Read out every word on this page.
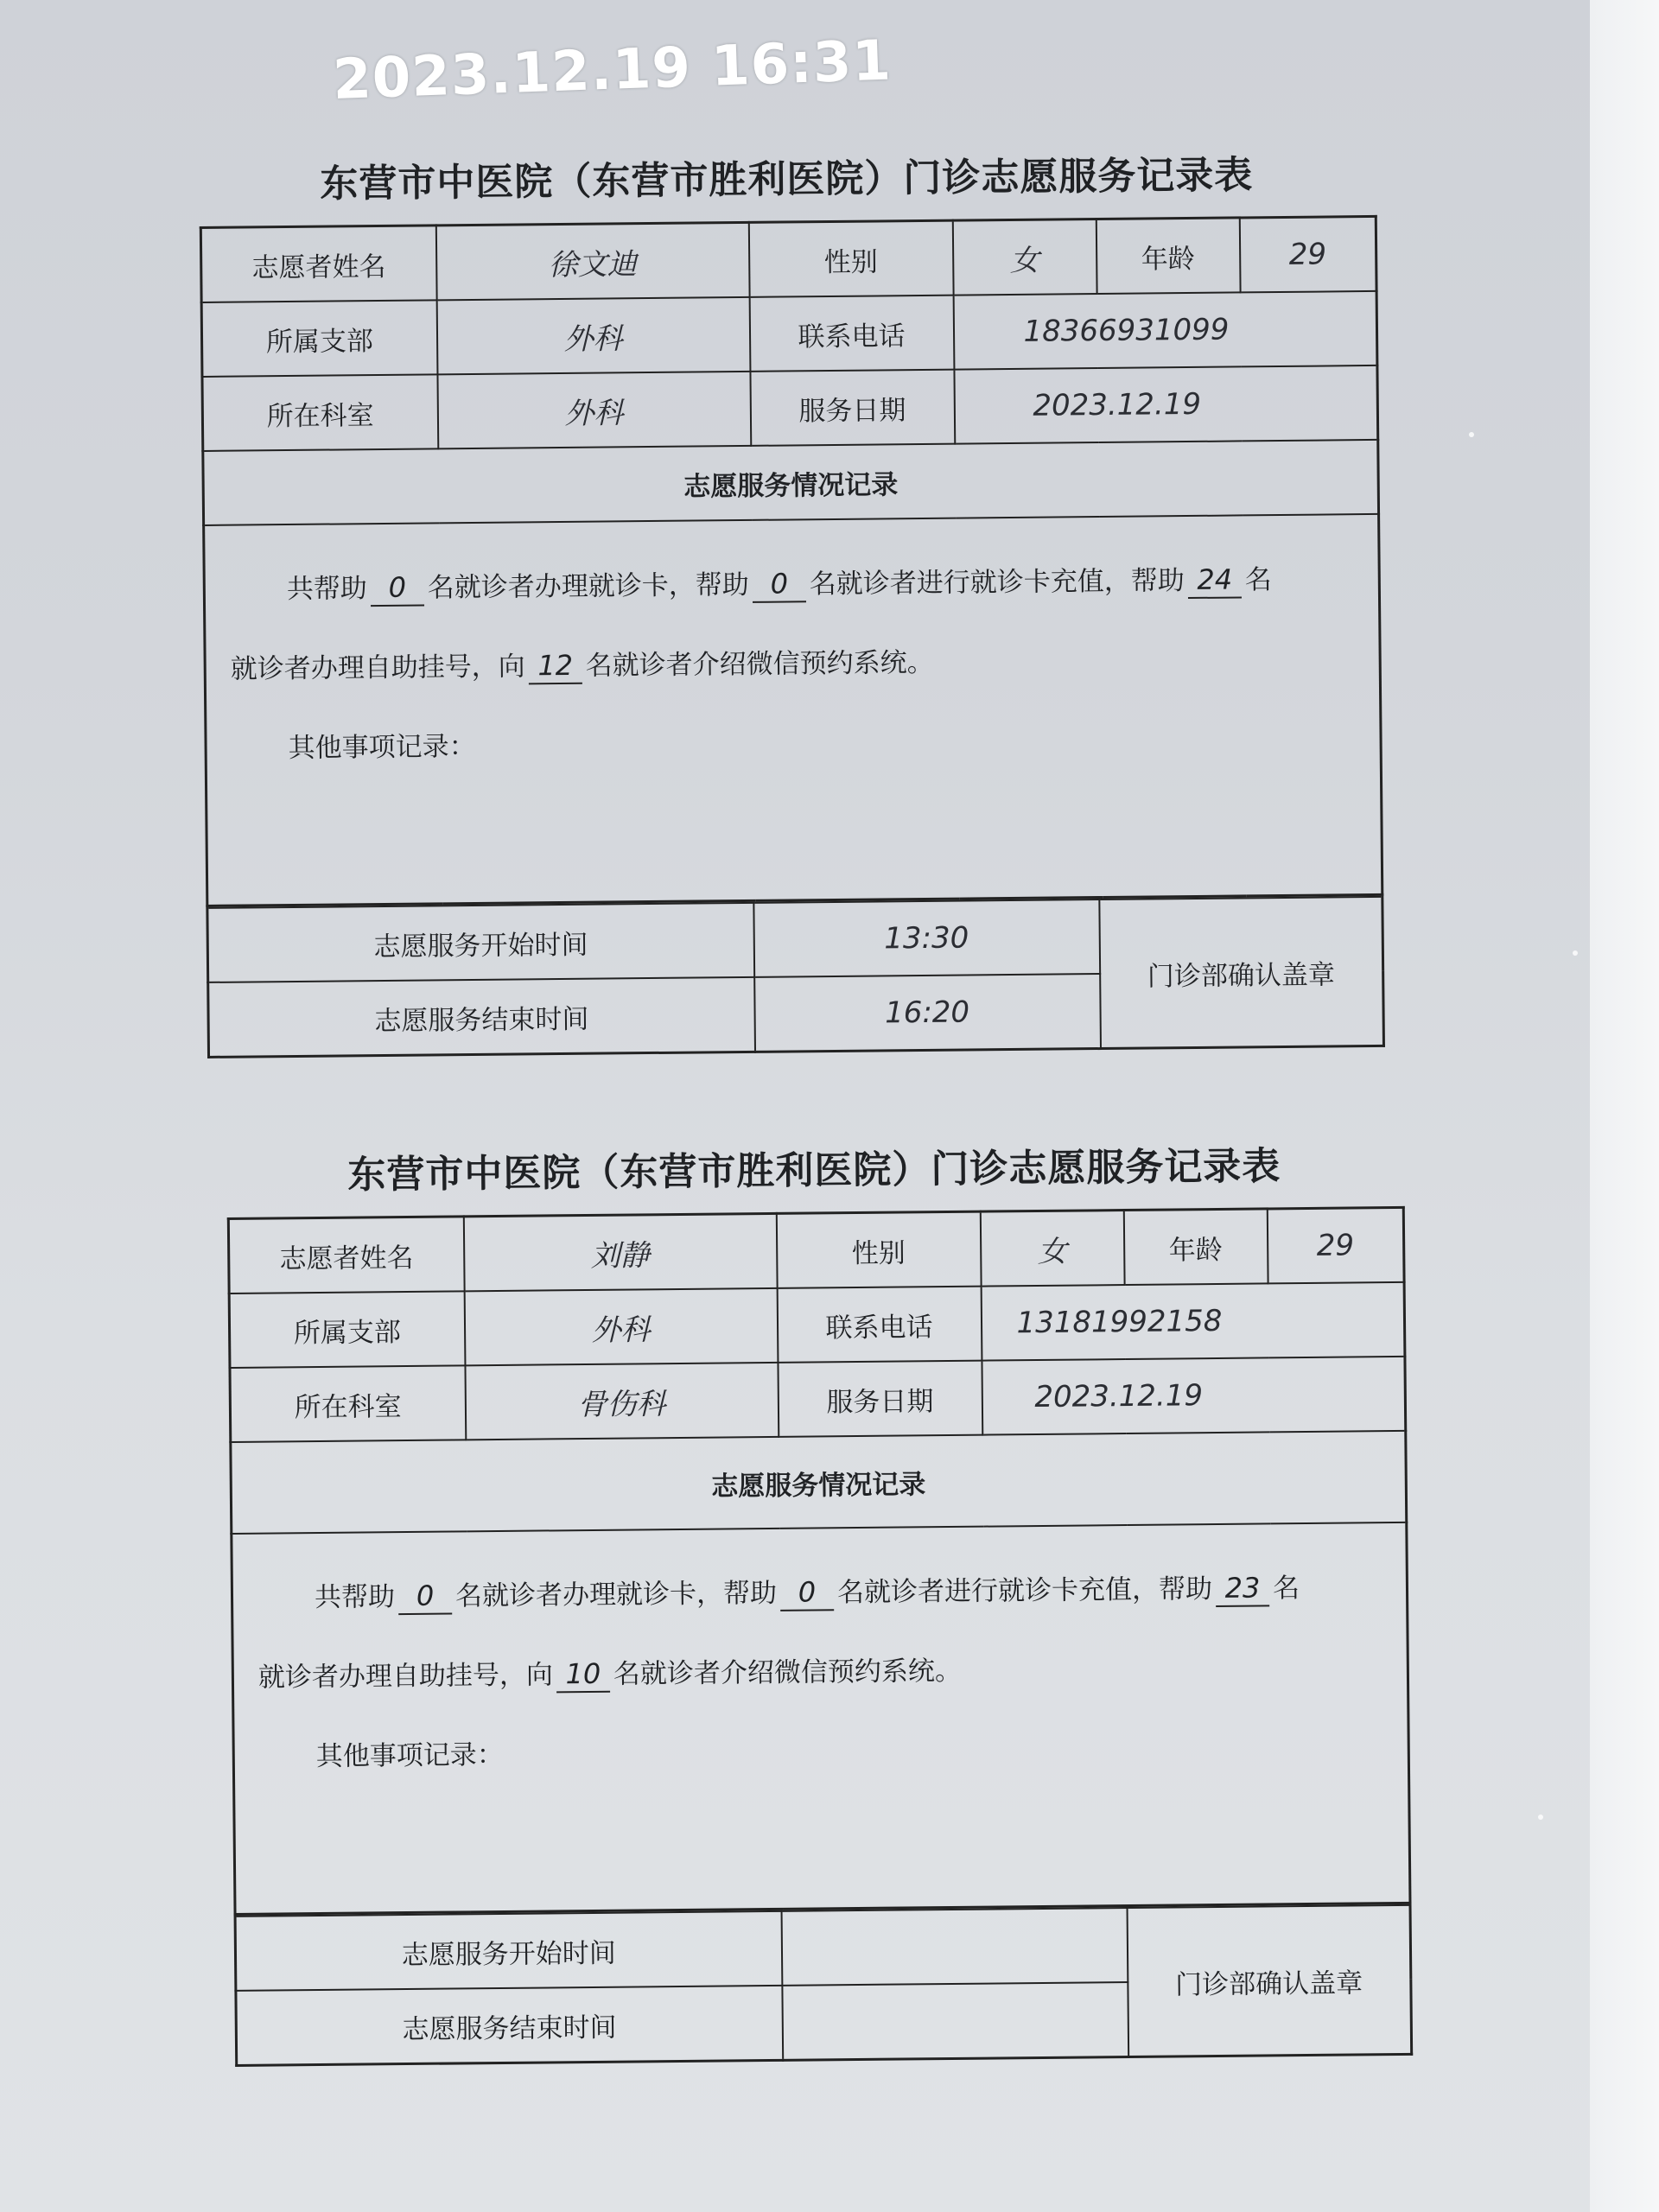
2023.12.19 16:31
东营市中医院（东营市胜利医院）门诊志愿服务记录表
志愿者姓名	徐文迪	性别	女	年龄	29
所属支部	外科	联系电话	18366931099		
所在科室	外科	服务日期	2023.12.19		
志愿服务情况记录					

共帮助 0 名就诊者办理就诊卡，帮助 0 名就诊者进行就诊卡充值，帮助 24 名
就诊者办理自助挂号，向 12 名就诊者介绍微信预约系统。
其他事项记录：					
志愿服务开始时间	13:30	门诊部确认盖章
志愿服务结束时间	16:20	
东营市中医院（东营市胜利医院）门诊志愿服务记录表
志愿者姓名	刘静	性别	女	年龄	29
所属支部	外科	联系电话	13181992158		
所在科室	骨伤科	服务日期	2023.12.19		
志愿服务情况记录					

共帮助 0 名就诊者办理就诊卡，帮助 0 名就诊者进行就诊卡充值，帮助 23 名
就诊者办理自助挂号，向 10 名就诊者介绍微信预约系统。
其他事项记录：					
志愿服务开始时间		门诊部确认盖章
志愿服务结束时间		
